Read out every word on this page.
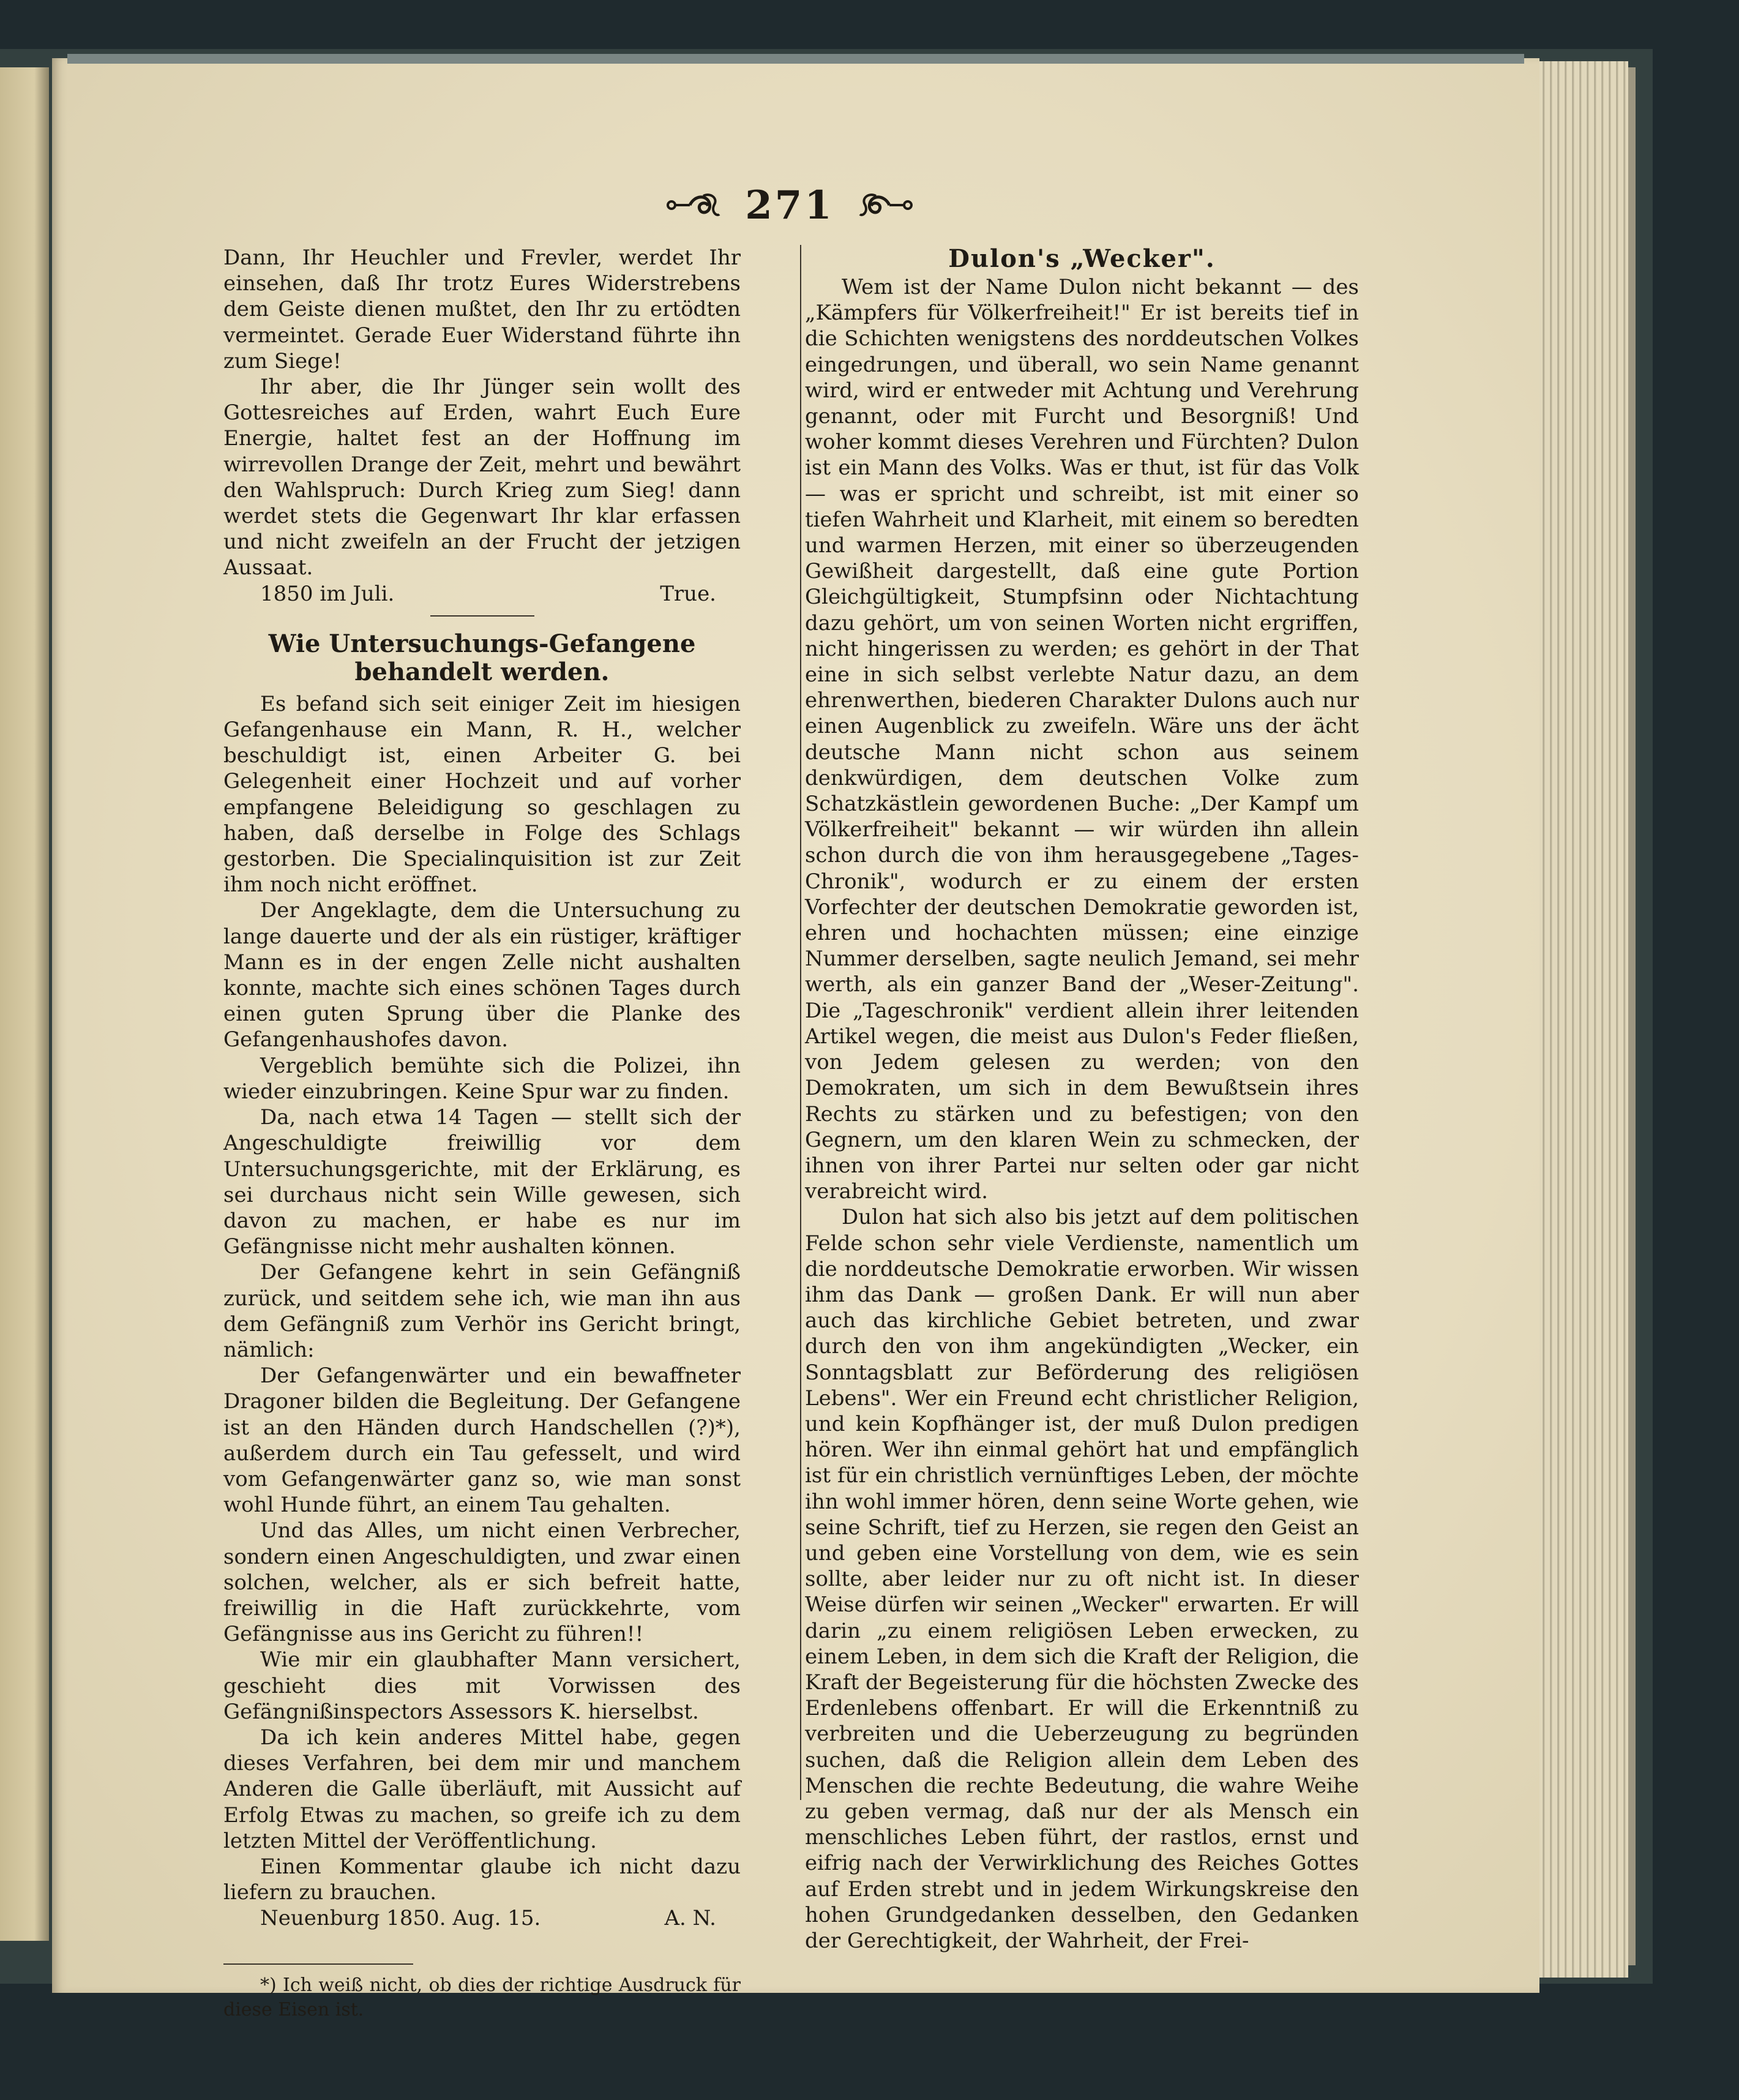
271

Dann, Ihr Heuchler und Frevler, werdet Ihr einsehen, daß Ihr trotz Eures Widerstrebens dem Geiste dienen mußtet, den Ihr zu ertödten vermeintet. Gerade Euer Widerstand führte ihn zum Siege!

Ihr aber, die Ihr Jünger sein wollt des Gottesreiches auf Erden, wahrt Euch Eure Energie, haltet fest an der Hoffnung im wirrevollen Drange der Zeit, mehrt und bewährt den Wahlspruch: Durch Krieg zum Sieg! dann werdet stets die Gegenwart Ihr klar erfassen und nicht zweifeln an der Frucht der jetzigen Aussaat.

1850 im Juli.	True.
Wie Untersuchungs-Gefangene behandelt werden.

Es befand sich seit einiger Zeit im hiesigen Gefangenhause ein Mann, R. H., welcher beschuldigt ist, einen Arbeiter G. bei Gelegenheit einer Hochzeit und auf vorher empfangene Beleidigung so geschlagen zu haben, daß derselbe in Folge des Schlags gestorben. Die Specialinquisition ist zur Zeit ihm noch nicht eröffnet.

Der Angeklagte, dem die Untersuchung zu lange dauerte und der als ein rüstiger, kräftiger Mann es in der engen Zelle nicht aushalten konnte, machte sich eines schönen Tages durch einen guten Sprung über die Planke des Gefangenhaushofes davon.

Vergeblich bemühte sich die Polizei, ihn wieder einzubringen. Keine Spur war zu finden.

Da, nach etwa 14 Tagen — stellt sich der Angeschuldigte freiwillig vor dem Untersuchungsgerichte, mit der Erklärung, es sei durchaus nicht sein Wille gewesen, sich davon zu machen, er habe es nur im Gefängnisse nicht mehr aushalten können.

Der Gefangene kehrt in sein Gefängniß zurück, und seitdem sehe ich, wie man ihn aus dem Gefängniß zum Verhör ins Gericht bringt, nämlich:

Der Gefangenwärter und ein bewaffneter Dragoner bilden die Begleitung. Der Gefangene ist an den Händen durch Handschellen (?)*), außerdem durch ein Tau gefesselt, und wird vom Gefangenwärter ganz so, wie man sonst wohl Hunde führt, an einem Tau gehalten.

Und das Alles, um nicht einen Verbrecher, sondern einen Angeschuldigten, und zwar einen solchen, welcher, als er sich befreit hatte, freiwillig in die Haft zurückkehrte, vom Gefängnisse aus ins Gericht zu führen!!

Wie mir ein glaubhafter Mann versichert, geschieht dies mit Vorwissen des Gefängnißinspectors Assessors K. hierselbst.

Da ich kein anderes Mittel habe, gegen dieses Verfahren, bei dem mir und manchem Anderen die Galle überläuft, mit Aussicht auf Erfolg Etwas zu machen, so greife ich zu dem letzten Mittel der Veröffentlichung.

Einen Kommentar glaube ich nicht dazu liefern zu brauchen.

Neuenburg 1850. Aug. 15.	A. N.

*) Ich weiß nicht, ob dies der richtige Ausdruck für diese Eisen ist.

Dulon's „Wecker".

Wem ist der Name Dulon nicht bekannt — des „Kämpfers für Völkerfreiheit!" Er ist bereits tief in die Schichten wenigstens des norddeutschen Volkes eingedrungen, und überall, wo sein Name genannt wird, wird er entweder mit Achtung und Verehrung genannt, oder mit Furcht und Besorgniß! Und woher kommt dieses Verehren und Fürchten? Dulon ist ein Mann des Volks. Was er thut, ist für das Volk — was er spricht und schreibt, ist mit einer so tiefen Wahrheit und Klarheit, mit einem so beredten und warmen Herzen, mit einer so überzeugenden Gewißheit dargestellt, daß eine gute Portion Gleichgültigkeit, Stumpfsinn oder Nichtachtung dazu gehört, um von seinen Worten nicht ergriffen, nicht hingerissen zu werden; es gehört in der That eine in sich selbst verlebte Natur dazu, an dem ehrenwerthen, biederen Charakter Dulons auch nur einen Augenblick zu zweifeln. Wäre uns der ächt deutsche Mann nicht schon aus seinem denkwürdigen, dem deutschen Volke zum Schatzkästlein gewordenen Buche: „Der Kampf um Völkerfreiheit" bekannt — wir würden ihn allein schon durch die von ihm herausgegebene „Tages-Chronik", wodurch er zu einem der ersten Vorfechter der deutschen Demokratie geworden ist, ehren und hochachten müssen; eine einzige Nummer derselben, sagte neulich Jemand, sei mehr werth, als ein ganzer Band der „Weser-Zeitung". Die „Tageschronik" verdient allein ihrer leitenden Artikel wegen, die meist aus Dulon's Feder fließen, von Jedem gelesen zu werden; von den Demokraten, um sich in dem Bewußtsein ihres Rechts zu stärken und zu befestigen; von den Gegnern, um den klaren Wein zu schmecken, der ihnen von ihrer Partei nur selten oder gar nicht verabreicht wird.

Dulon hat sich also bis jetzt auf dem politischen Felde schon sehr viele Verdienste, namentlich um die norddeutsche Demokratie erworben. Wir wissen ihm das Dank — großen Dank. Er will nun aber auch das kirchliche Gebiet betreten, und zwar durch den von ihm angekündigten „Wecker, ein Sonntagsblatt zur Beförderung des religiösen Lebens". Wer ein Freund echt christlicher Religion, und kein Kopfhänger ist, der muß Dulon predigen hören. Wer ihn einmal gehört hat und empfänglich ist für ein christlich vernünftiges Leben, der möchte ihn wohl immer hören, denn seine Worte gehen, wie seine Schrift, tief zu Herzen, sie regen den Geist an und geben eine Vorstellung von dem, wie es sein sollte, aber leider nur zu oft nicht ist. In dieser Weise dürfen wir seinen „Wecker" erwarten. Er will darin „zu einem religiösen Leben erwecken, zu einem Leben, in dem sich die Kraft der Religion, die Kraft der Begeisterung für die höchsten Zwecke des Erdenlebens offenbart. Er will die Erkenntniß zu verbreiten und die Ueberzeugung zu begründen suchen, daß die Religion allein dem Leben des Menschen die rechte Bedeutung, die wahre Weihe zu geben vermag, daß nur der als Mensch ein menschliches Leben führt, der rastlos, ernst und eifrig nach der Verwirklichung des Reiches Gottes auf Erden strebt und in jedem Wirkungskreise den hohen Grundgedanken desselben, den Gedanken der Gerechtigkeit, der Wahrheit, der Frei-
